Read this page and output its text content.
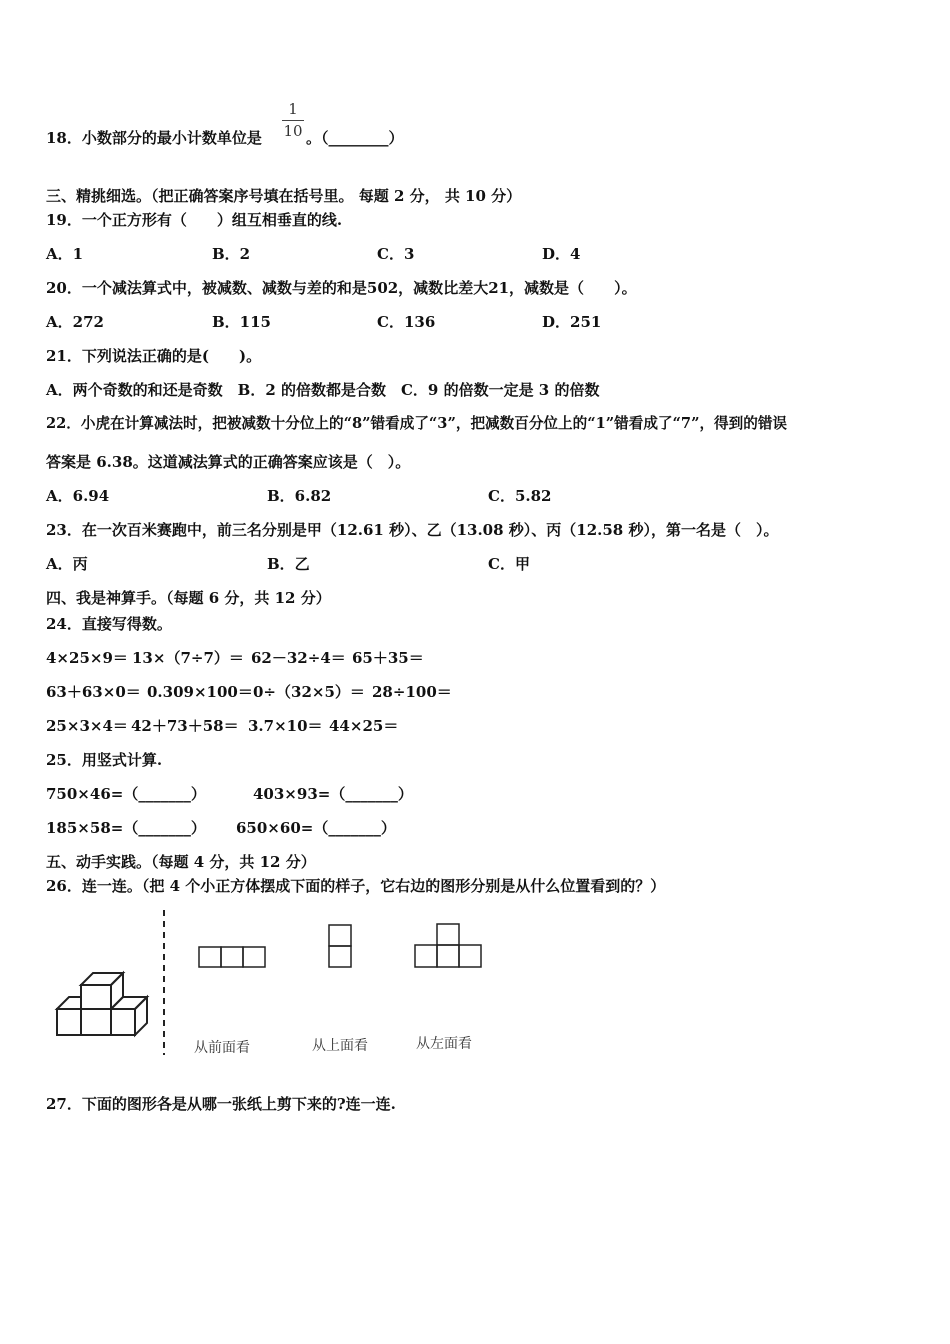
18．小数部分的最小计数单位是
1
10 。（________）
三、精挑细选。（把正确答案序号填在括号里。 每题 2 分， 共 10 分）
19．一个正方形有（　　）组互相垂直的线.
A．1	B．2	C．3	D．4
20．一个减法算式中，被减数、减数与差的和是502，减数比差大21，减数是（　　）。
A．272	B．115	C．136	D．251
21．下列说法正确的是(　　)。
A．两个奇数的和还是奇数　B．2 的倍数都是合数　C．9 的倍数一定是 3 的倍数
22．小虎在计算减法时，把被减数十分位上的“8”错看成了“3”，把减数百分位上的“1”错看成了“7”，得到的错误
答案是 6.38。这道减法算式的正确答案应该是（　）。
A．6.94	B．6.82	C．5.82
23．在一次百米赛跑中，前三名分别是甲（12.61 秒）、乙（13.08 秒）、丙（12.58 秒），第一名是（　）。
A．丙	B．乙	C．甲
四、我是神算手。（每题 6 分，共 12 分）
24．直接写得数。
4×25×9＝ 13×（7÷7）＝ 62－32÷4＝ 65＋35＝
63＋63×0＝ 0.309×100＝ 0÷（32×5）＝ 28÷100＝
25×3×4＝ 42＋73＋58＝ 3.7×10＝ 44×25＝
25．用竖式计算.
750×46=（_______）	403×93=（_______）
185×58=（_______） 650×60=（_______）
五、动手实践。（每题 4 分，共 12 分）
26．连一连。（把 4 个小正方体摆成下面的样子，它右边的图形分别是从什么位置看到的？）
从前面看	从上面看	从左面看
27．下面的图形各是从哪一张纸上剪下来的?连一连.
